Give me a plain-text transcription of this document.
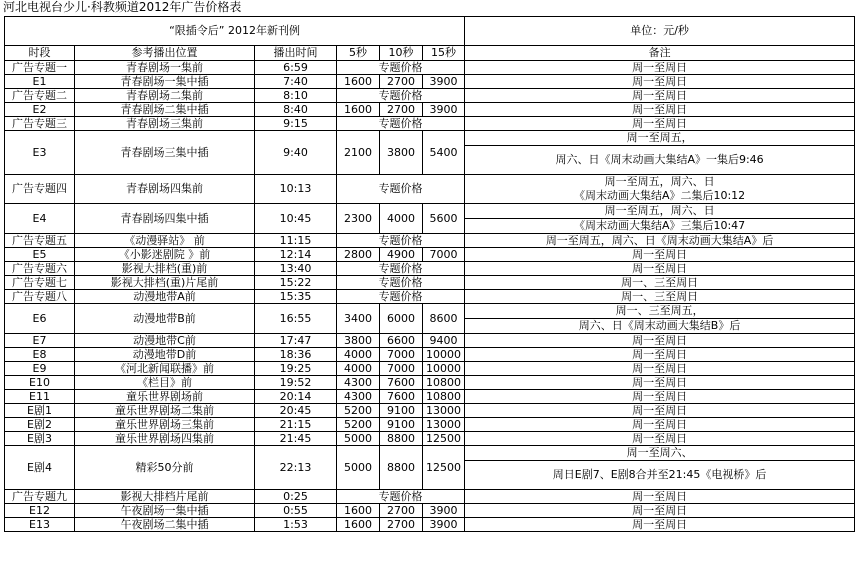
河北电视台少儿·科教频道2012年广告价格表
“限插令后” 2012年新刊例						单位：元/秒
时段	参考播出位置	播出时间	5秒	10秒	15秒	备注
广告专题一	青春剧场一集前	6:59	专题价格			周一至周日
E1	青春剧场一集中插	7:40	1600	2700	3900	周一至周日
广告专题二	青春剧场二集前	8:10	专题价格			周一至周日
E2	青春剧场二集中插	8:40	1600	2700	3900	周一至周日
广告专题三	青春剧场三集前	9:15	专题价格			周一至周日
E3	青春剧场三集中插	9:40	2100	3800	5400	周一至周五，
周六、日《周末动画大集结A》一集后9:46

广告专题四	青春剧场四集前	10:13	专题价格			周一至周五，周六、日
《周末动画大集结A》二集后10:12

E4	青春剧场四集中插	10:45	2300	4000	5600	周一至周五，周六、日
《周末动画大集结A》三集后10:47

广告专题五	《动漫驿站》 前	11:15	专题价格			周一至周五，周六、日《周末动画大集结A》后
E5	《小影迷剧院 》前	12:14	2800	4900	7000	周一至周日
广告专题六	影视大排档(重)前	13:40	专题价格			周一至周日
广告专题七	影视大排档(重)片尾前	15:22	专题价格			周一、三至周日
广告专题八	动漫地带A前	15:35	专题价格			周一、三至周日
E6	动漫地带B前	16:55	3400	6000	8600	周一、三至周五，
周六、日《周末动画大集结B》后

E7	动漫地带C前	17:47	3800	6600	9400	周一至周日
E8	动漫地带D前	18:36	4000	7000	10000	周一至周日
E9	《河北新闻联播》前	19:25	4000	7000	10000	周一至周日
E10	《栏目》前	19:52	4300	7600	10800	周一至周日
E11	童乐世界剧场前	20:14	4300	7600	10800	周一至周日
E剧1	童乐世界剧场二集前	20:45	5200	9100	13000	周一至周日
E剧2	童乐世界剧场三集前	21:15	5200	9100	13000	周一至周日
E剧3	童乐世界剧场四集前	21:45	5000	8800	12500	周一至周日
E剧4	精彩50分前	22:13	5000	8800	12500	周一至周六、
周日E剧7、E剧8合并至21:45《电视桥》后

广告专题九	影视大排档片尾前	0:25	专题价格			周一至周日
E12	午夜剧场一集中插	0:55	1600	2700	3900	周一至周日
E13	午夜剧场二集中插	1:53	1600	2700	3900	周一至周日
